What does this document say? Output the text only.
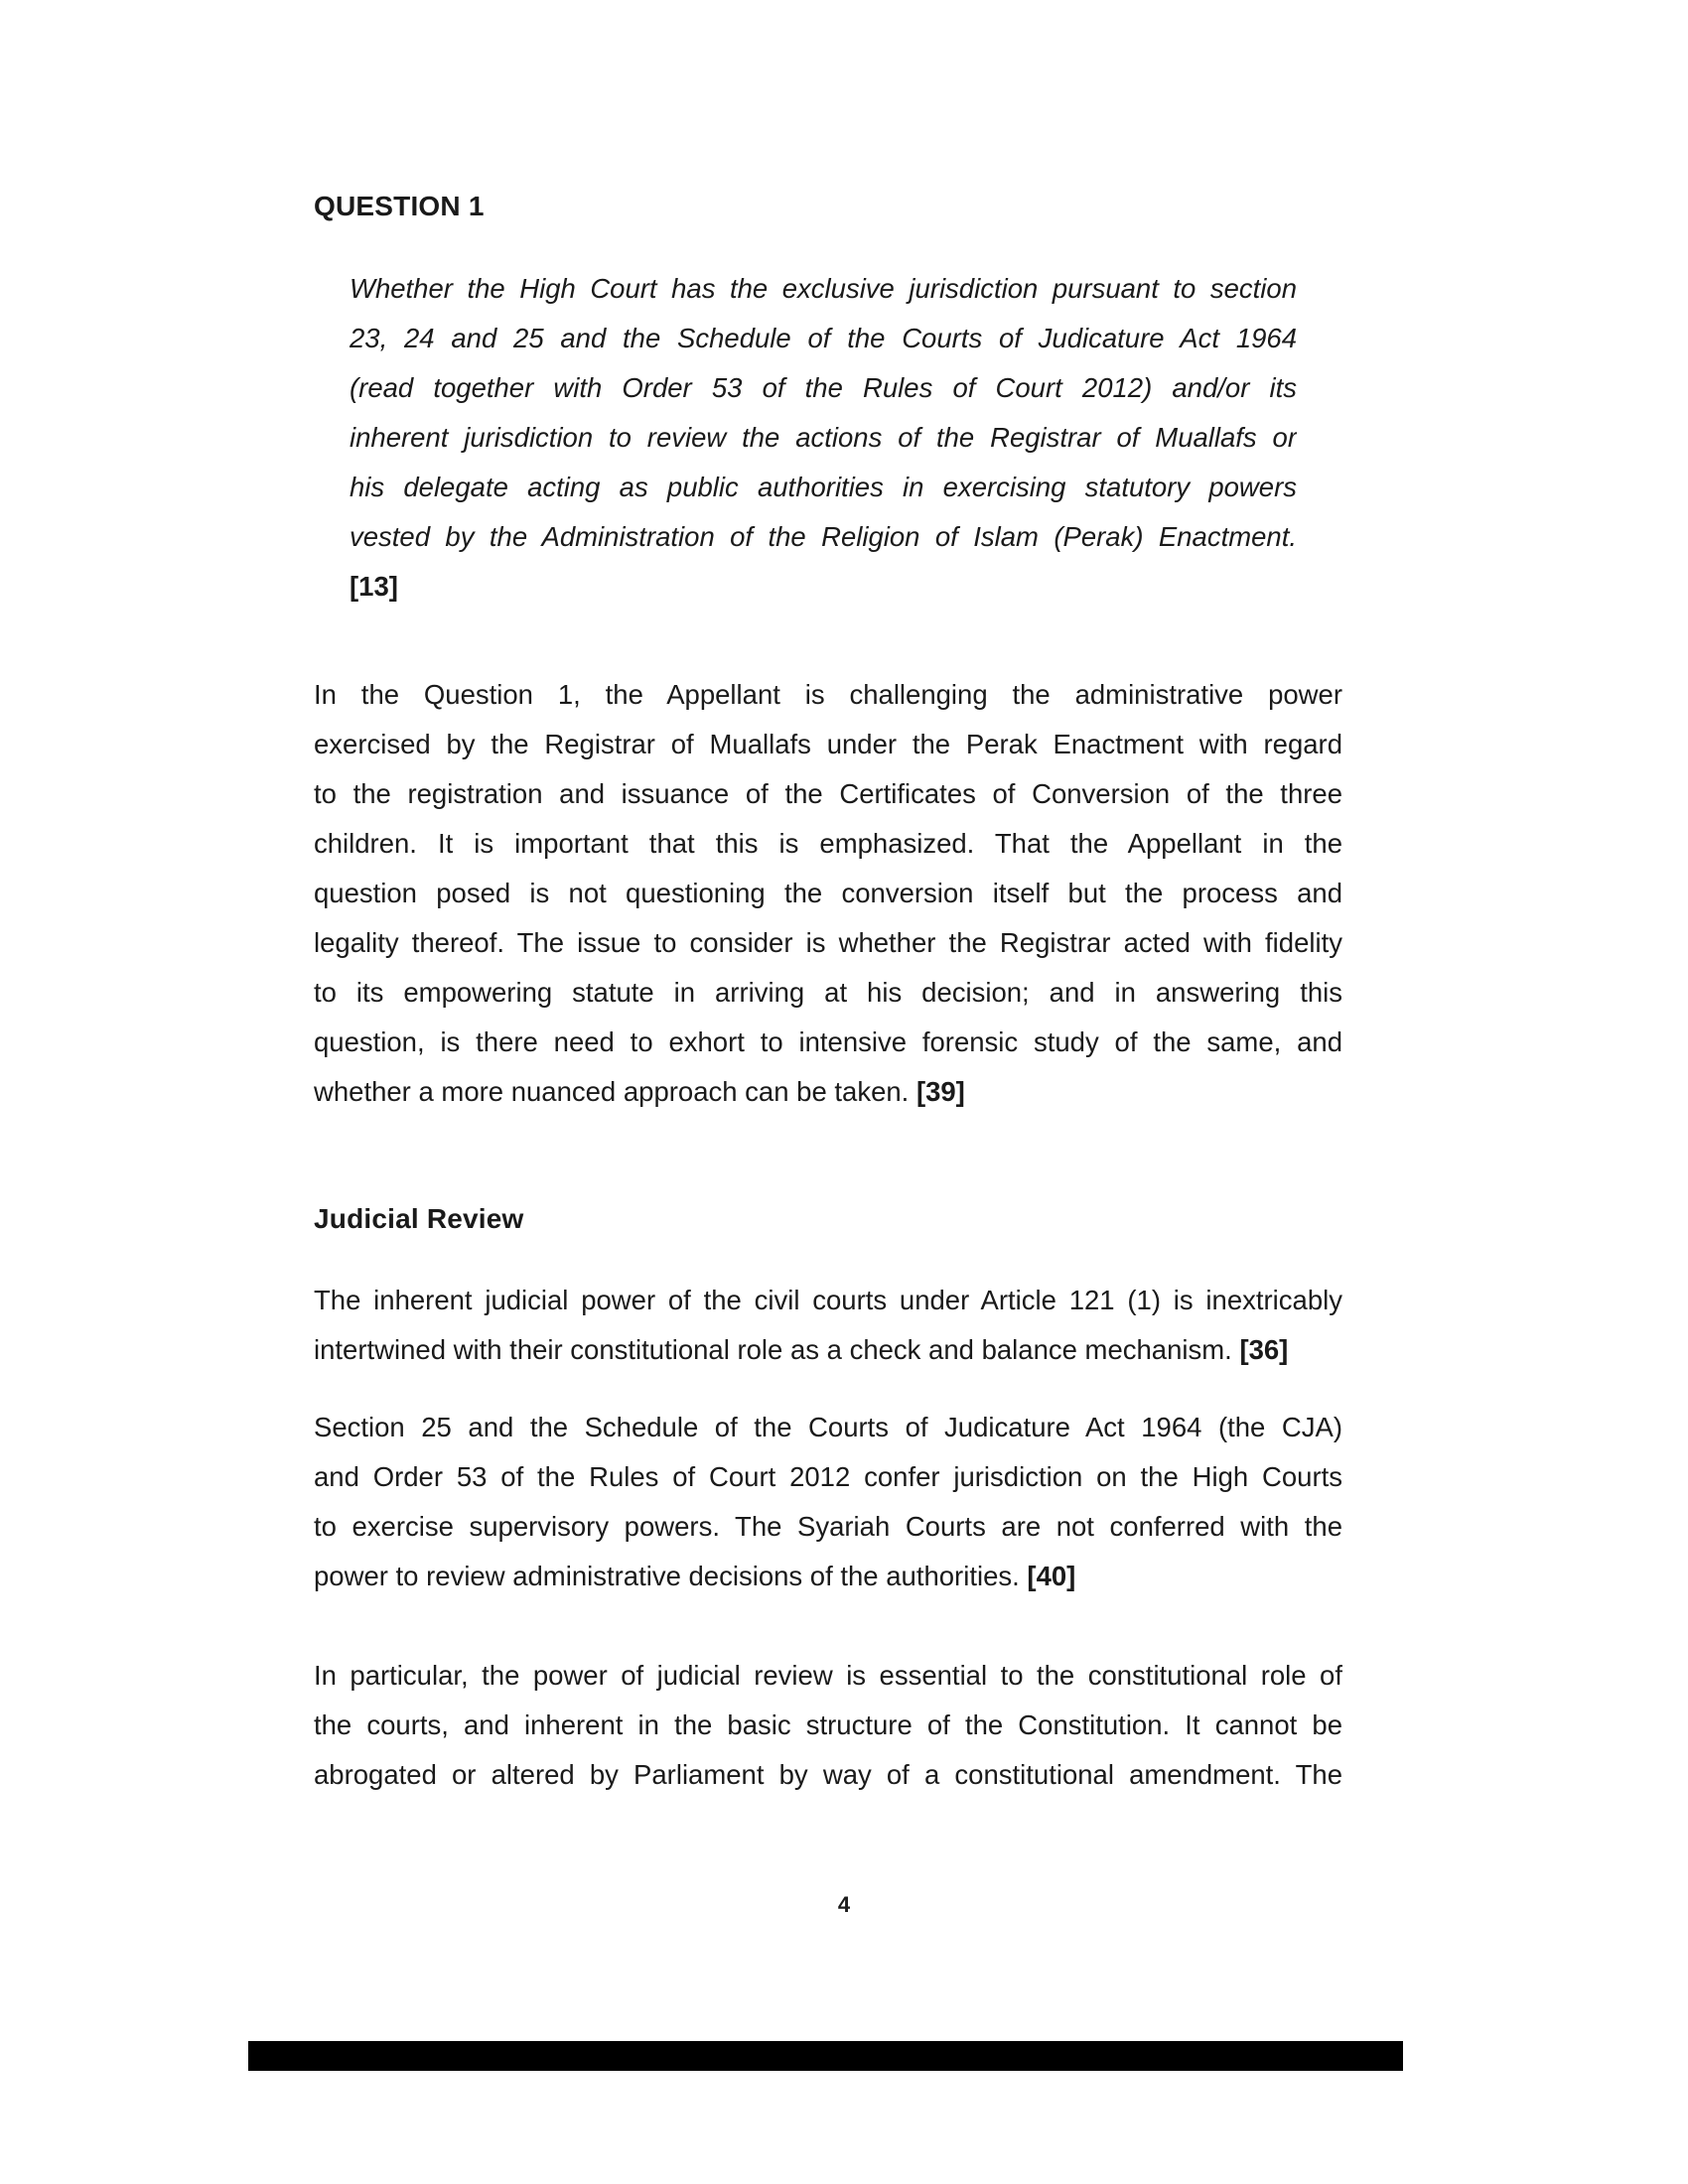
QUESTION 1
Whether the High Court has the exclusive jurisdiction pursuant to section
23, 24 and 25 and the Schedule of the Courts of Judicature Act 1964
(read together with Order 53 of the Rules of Court 2012) and/or its
inherent jurisdiction to review the actions of the Registrar of Muallafs or
his delegate acting as public authorities in exercising statutory powers
vested by the Administration of the Religion of Islam (Perak) Enactment.
[13]
In the Question 1, the Appellant is challenging the administrative power
exercised by the Registrar of Muallafs under the Perak Enactment with regard
to the registration and issuance of the Certificates of Conversion of the three
children. It is important that this is emphasized. That the Appellant in the
question posed is not questioning the conversion itself but the process and
legality thereof. The issue to consider is whether the Registrar acted with fidelity
to its empowering statute in arriving at his decision; and in answering this
question, is there need to exhort to intensive forensic study of the same, and
whether a more nuanced approach can be taken. [39]
Judicial Review
The inherent judicial power of the civil courts under Article 121 (1) is inextricably
intertwined with their constitutional role as a check and balance mechanism. [36]
Section 25 and the Schedule of the Courts of Judicature Act 1964 (the CJA)
and Order 53 of the Rules of Court 2012 confer jurisdiction on the High Courts
to exercise supervisory powers. The Syariah Courts are not conferred with the
power to review administrative decisions of the authorities. [40]
In particular, the power of judicial review is essential to the constitutional role of
the courts, and inherent in the basic structure of the Constitution. It cannot be
abrogated or altered by Parliament by way of a constitutional amendment. The
4
